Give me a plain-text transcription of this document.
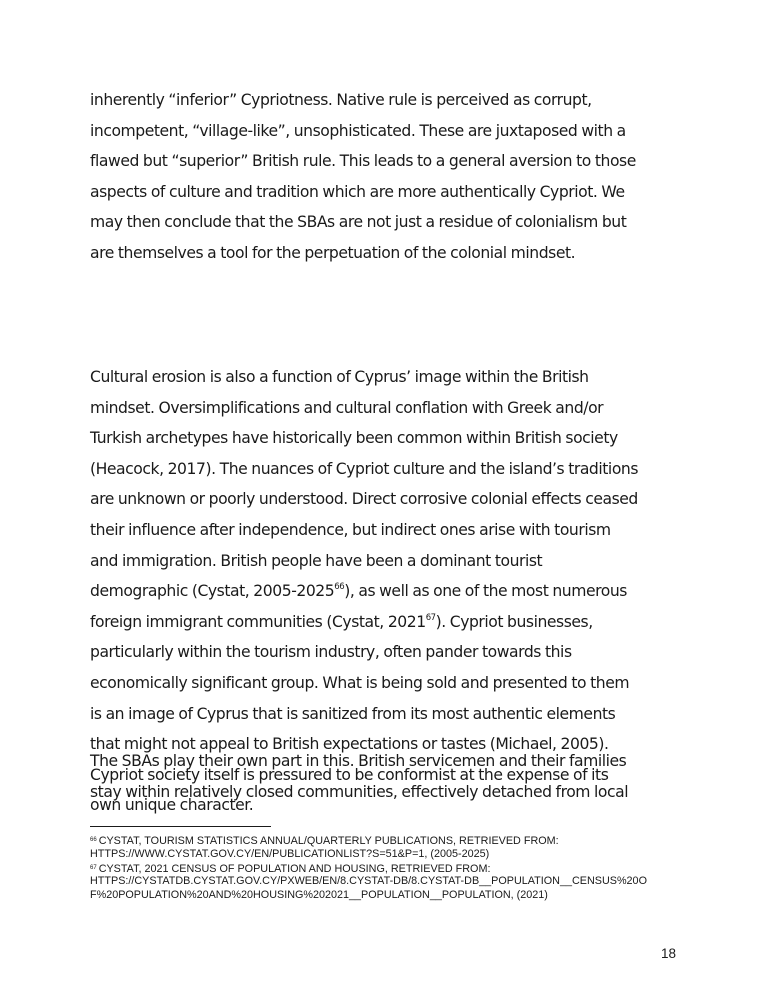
inherently “inferior” Cypriotness. Native rule is perceived as corrupt,
incompetent, “village-like”, unsophisticated. These are juxtaposed with a
flawed but “superior” British rule. This leads to a general aversion to those
aspects of culture and tradition which are more authentically Cypriot. We
may then conclude that the SBAs are not just a residue of colonialism but
are themselves a tool for the perpetuation of the colonial mindset.
Cultural erosion is also a function of Cyprus’ image within the British
mindset. Oversimplifications and cultural conflation with Greek and/or
Turkish archetypes have historically been common within British society
(Heacock, 2017). The nuances of Cypriot culture and the island’s traditions
are unknown or poorly understood. Direct corrosive colonial effects ceased
their influence after independence, but indirect ones arise with tourism
and immigration. British people have been a dominant tourist
demographic (Cystat, 2005-2025$^{66}$), as well as one of the most numerous
foreign immigrant communities (Cystat, 2021$^{67}$). Cypriot businesses,
particularly within the tourism industry, often pander towards this
economically significant group. What is being sold and presented to them
is an image of Cyprus that is sanitized from its most authentic elements
that might not appeal to British expectations or tastes (Michael, 2005).
Cypriot society itself is pressured to be conformist at the expense of its
own unique character.
The SBAs play their own part in this. British servicemen and their families
stay within relatively closed communities, effectively detached from local
$^{66}$ CYSTAT, TOURISM STATISTICS ANNUAL/QUARTERLY PUBLICATIONS, RETRIEVED FROM:
HTTPS://WWW.CYSTAT.GOV.CY/EN/PUBLICATIONLIST?S=51&P=1, (2005-2025)
$^{67}$ CYSTAT, 2021 CENSUS OF POPULATION AND HOUSING, RETRIEVED FROM:
HTTPS://CYSTATDB.CYSTAT.GOV.CY/PXWEB/EN/8.CYSTAT-DB/8.CYSTAT-DB__POPULATION__CENSUS%20O
F%20POPULATION%20AND%20HOUSING%202021__POPULATION__POPULATION, (2021)
18
